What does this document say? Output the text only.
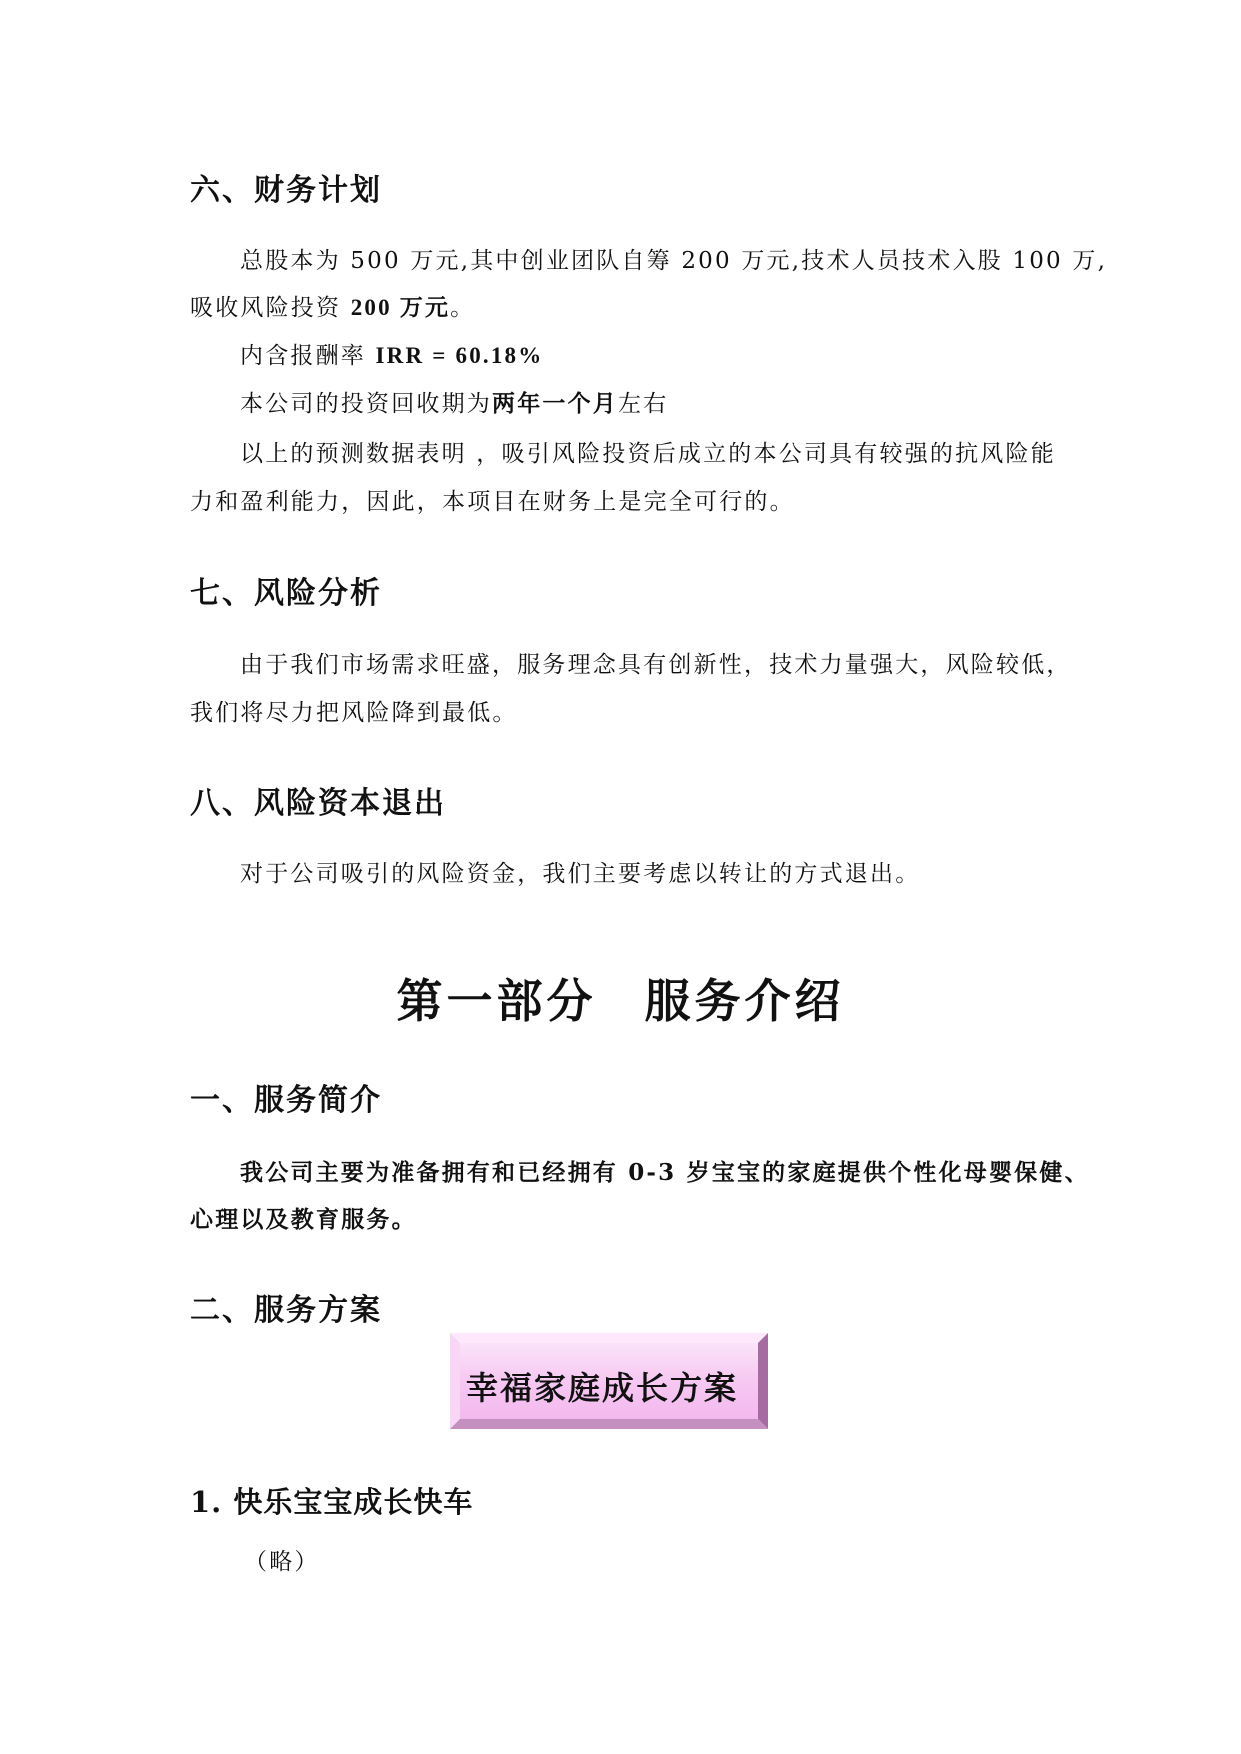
六、财务计划
总股本为 500 万元,其中创业团队自筹 200 万元,技术人员技术入股 100 万,
吸收风险投资 200 万元。
内含报酬率 IRR = 60.18%
本公司的投资回收期为两年一个月左右
以上的预测数据表明 ，吸引风险投资后成立的本公司具有较强的抗风险能
力和盈利能力，因此，本项目在财务上是完全可行的。
七、风险分析
由于我们市场需求旺盛，服务理念具有创新性，技术力量强大，风险较低，
我们将尽力把风险降到最低。
八、风险资本退出
对于公司吸引的风险资金，我们主要考虑以转让的方式退出。
第一部分 服务介绍
一、服务简介
我公司主要为准备拥有和已经拥有 0-3 岁宝宝的家庭提供个性化母婴保健、
心理以及教育服务。
二、服务方案
幸福家庭成长方案
1. 快乐宝宝成长快车
（略）
